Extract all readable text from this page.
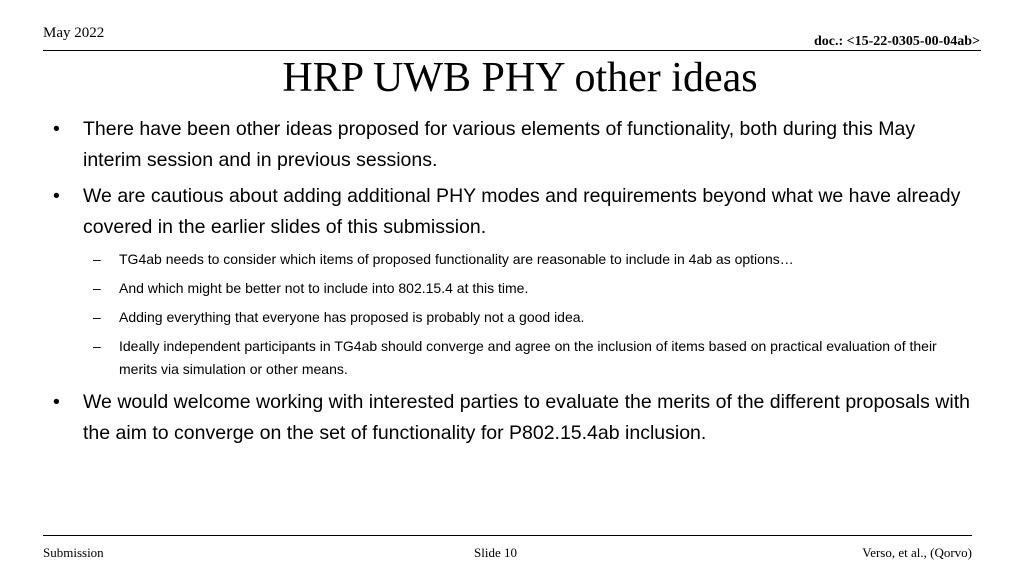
May 2022
doc.: <15-22-0305-00-04ab>
HRP UWB PHY other ideas
• There have been other ideas proposed for various elements of functionality, both during this May interim session and in previous sessions.
• We are cautious about adding additional PHY modes and requirements beyond what we have already covered in the earlier slides of this submission.
– TG4ab needs to consider which items of proposed functionality are reasonable to include in 4ab as options…
– And which might be better not to include into 802.15.4 at this time.
– Adding everything that everyone has proposed is probably not a good idea.
– Ideally independent participants in TG4ab should converge and agree on the inclusion of items based on practical evaluation of their merits via simulation or other means.
• We would welcome working with interested parties to evaluate the merits of the different proposals with the aim to converge on the set of functionality for P802.15.4ab inclusion.
Submission	Slide 10	Verso, et al., (Qorvo)
